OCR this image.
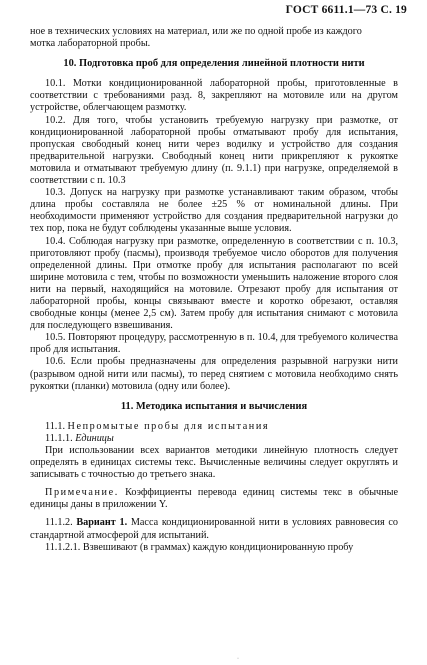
ГОСТ 6611.1—73 С. 19

ное в технических условиях на материал, или же по одной пробе из каждого

мотка лабораторной пробы.

10. Подготовка проб для определения линейной плотности нити

10.1. Мотки кондиционированной лабораторной пробы, приготовленные в соответствии с требованиями разд. 8, закрепляют на мотовиле или на другом устройстве, облегчающем размотку.

10.2. Для того, чтобы установить требуемую нагрузку при размотке, от кондиционированной лабораторной пробы отматывают пробу для испытания, пропуская свободный конец нити через водилку и устройство для создания предварительной нагрузки. Свободный конец нити прикрепляют к рукоятке мотовила и отматывают требуемую длину (п. 9.1.1) при нагрузке, определяемой в соответствии с п. 10.3

10.3. Допуск на нагрузку при размотке устанавливают таким образом, чтобы длина пробы составляла не более ±25 % от номинальной длины. При необходимости применяют устройство для создания предварительной нагрузки до тех пор, пока не будут соблюдены указанные выше условия.

10.4. Соблюдая нагрузку при размотке, определенную в соответствии с п. 10.3, приготовляют пробу (пасмы), производя требуемое число оборотов для получения определенной длины. При отмотке пробу для испытания располагают по всей ширине мотовила с тем, чтобы по возможности уменьшить наложение второго слоя нити на первый, находящийся на мотовиле. Отрезают пробу для испытания от лабораторной пробы, концы связывают вместе и коротко обрезают, оставляя свободные концы (менее 2,5 см). Затем пробу для испытания снимают с мотовила для последующего взвешивания.

10.5. Повторяют процедуру, рассмотренную в п. 10.4, для требуемого количества проб для испытания.

10.6. Если пробы предназначены для определения разрывной нагрузки нити (разрывом одной нити или пасмы), то перед снятием с мотовила необходимо снять рукоятки (планки) мотовила (одну или более).

11. Методика испытания и вычисления

11.1. Непромытые пробы для испытания

11.1.1. Единицы

При использовании всех вариантов методики линейную плотность следует определять в единицах системы текс. Вычисленные величины следует округлять и записывать с точностью до третьего знака.

Примечание. Коэффициенты перевода единиц системы текс в обычные единицы даны в приложении Y.

11.1.2. Вариант 1. Масса кондиционированной нити в условиях равновесия со стандартной атмосферой для испытаний.

11.1.2.1. Взвешивают (в граммах) каждую кондиционированную пробу

·
